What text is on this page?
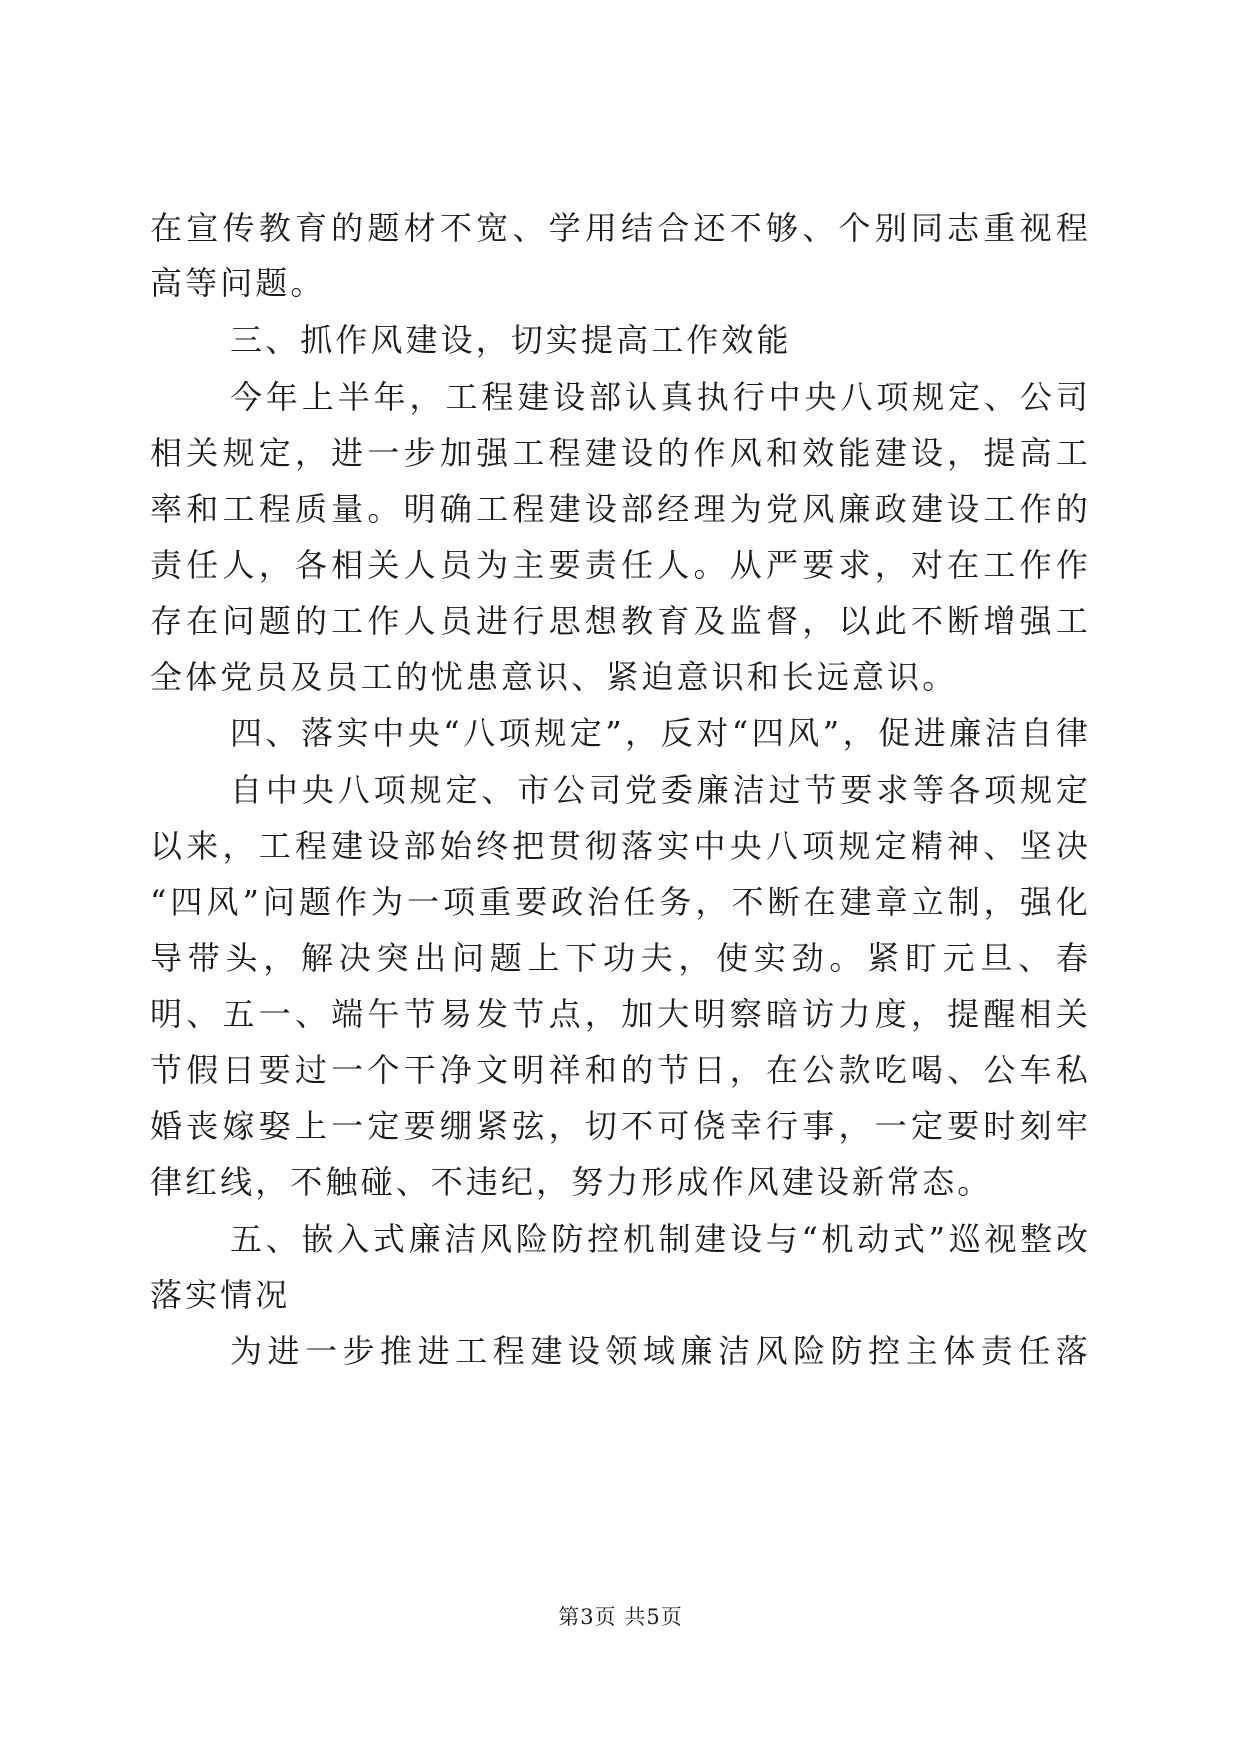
在宣传教育的题材不宽、学用结合还不够、个别同志重视程
高等问题。
三、抓作风建设，切实提高工作效能
今年上半年，工程建设部认真执行中央八项规定、公司
相关规定，进一步加强工程建设的作风和效能建设，提高工
率和工程质量。明确工程建设部经理为党风廉政建设工作的
责任人，各相关人员为主要责任人。从严要求，对在工作作
存在问题的工作人员进行思想教育及监督，以此不断增强工
全体党员及员工的忧患意识、紧迫意识和长远意识。
四、落实中央“八项规定”，反对“四风”，促进廉洁自律
自中央八项规定、市公司党委廉洁过节要求等各项规定
以来，工程建设部始终把贯彻落实中央八项规定精神、坚决
“四风”问题作为一项重要政治任务，不断在建章立制，强化
导带头，解决突出问题上下功夫，使实劲。紧盯元旦、春
明、五一、端午节易发节点，加大明察暗访力度，提醒相关
节假日要过一个干净文明祥和的节日，在公款吃喝、公车私
婚丧嫁娶上一定要绷紧弦，切不可侥幸行事，一定要时刻牢
律红线，不触碰、不违纪，努力形成作风建设新常态。
五、嵌入式廉洁风险防控机制建设与“机动式”巡视整改
落实情况
为进一步推进工程建设领域廉洁风险防控主体责任落
第3页 共5页
